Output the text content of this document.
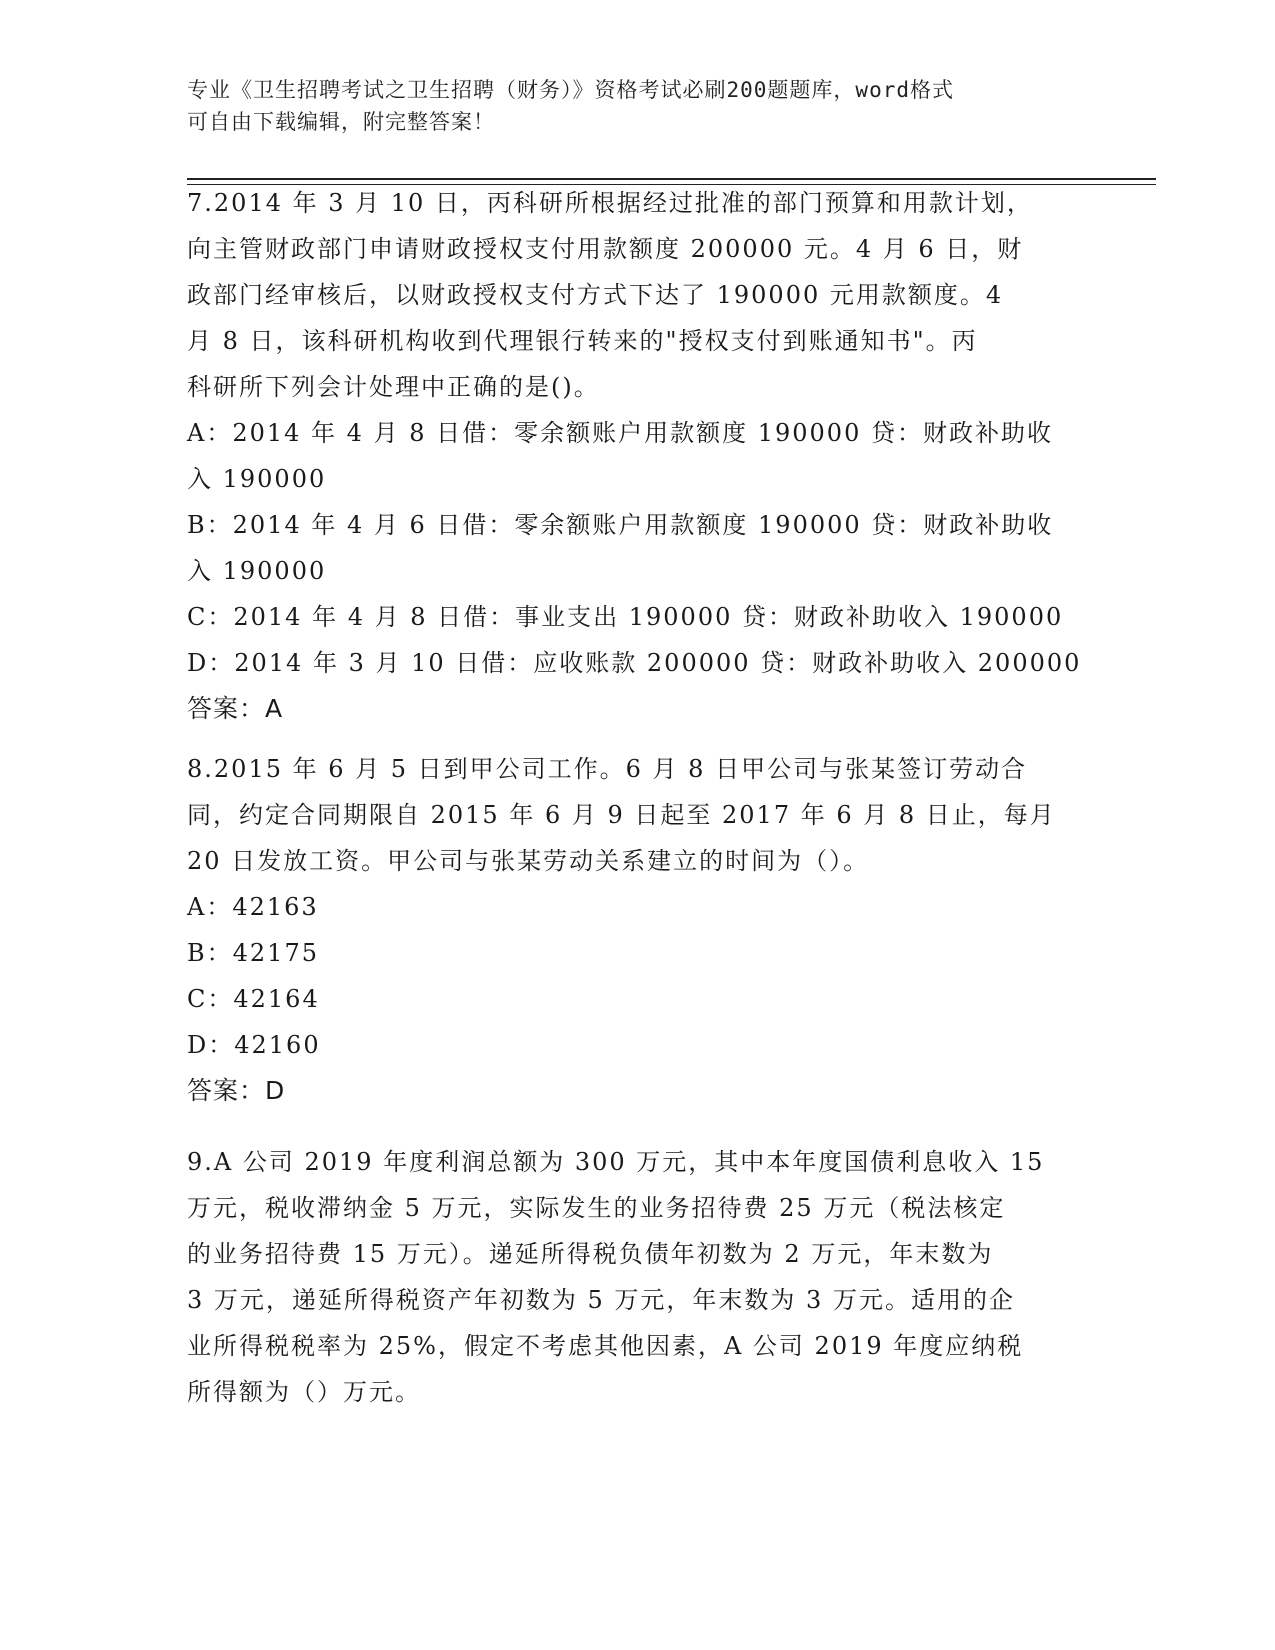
专业《卫生招聘考试之卫生招聘（财务）》资格考试必刷200题题库，word格式
可自由下载编辑，附完整答案！
7.2014 年 3 月 10 日，丙科研所根据经过批准的部门预算和用款计划，
向主管财政部门申请财政授权支付用款额度 200000 元。4 月 6 日，财
政部门经审核后，以财政授权支付方式下达了 190000 元用款额度。4
月 8 日，该科研机构收到代理银行转来的"授权支付到账通知书"。丙
科研所下列会计处理中正确的是()。
A：2014 年 4 月 8 日借：零余额账户用款额度 190000 贷：财政补助收
入 190000
B：2014 年 4 月 6 日借：零余额账户用款额度 190000 贷：财政补助收
入 190000
C：2014 年 4 月 8 日借：事业支出 190000 贷：财政补助收入 190000
D：2014 年 3 月 10 日借：应收账款 200000 贷：财政补助收入 200000
答案：A
8.2015 年 6 月 5 日到甲公司工作。6 月 8 日甲公司与张某签订劳动合
同，约定合同期限自 2015 年 6 月 9 日起至 2017 年 6 月 8 日止，每月
20 日发放工资。甲公司与张某劳动关系建立的时间为（）。
A：42163
B：42175
C：42164
D：42160
答案：D
9.A 公司 2019 年度利润总额为 300 万元，其中本年度国债利息收入 15
万元，税收滞纳金 5 万元，实际发生的业务招待费 25 万元（税法核定
的业务招待费 15 万元）。递延所得税负债年初数为 2 万元，年末数为
3 万元，递延所得税资产年初数为 5 万元，年末数为 3 万元。适用的企
业所得税税率为 25%，假定不考虑其他因素，A 公司 2019 年度应纳税
所得额为（）万元。
